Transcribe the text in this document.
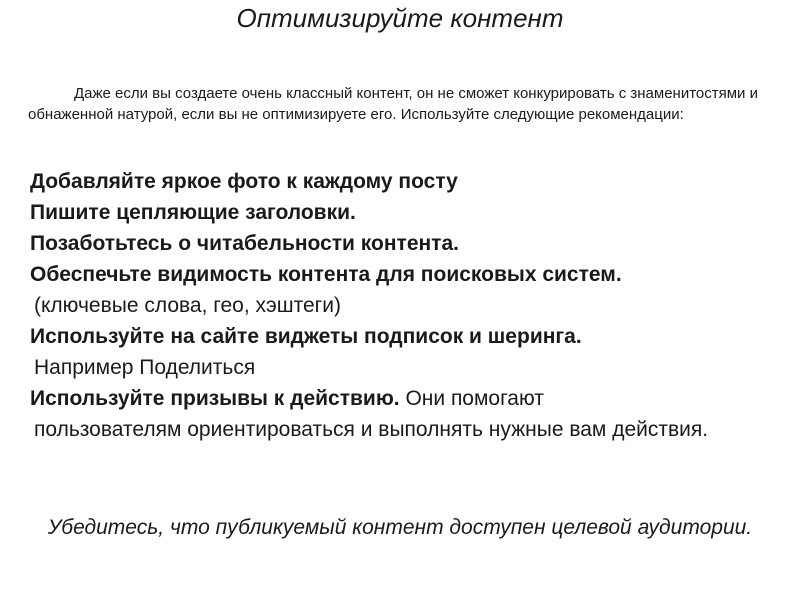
Оптимизируйте контент
Даже если вы создаете очень классный контент, он не сможет конкурировать с знаменитостями и обнаженной натурой, если вы не оптимизируете его. Используйте следующие рекомендации:
Добавляйте яркое фото к каждому посту
Пишите цепляющие заголовки.
Позаботьтесь о читабельности контента.
Обеспечьте видимость контента для поисковых систем.
(ключевые слова, гео, хэштеги)
Используйте на сайте виджеты подписок и шеринга.
Например Поделиться
Используйте призывы к действию. Они помогают
пользователям ориентироваться и выполнять нужные вам действия.
Убедитесь, что публикуемый контент доступен целевой аудитории.
